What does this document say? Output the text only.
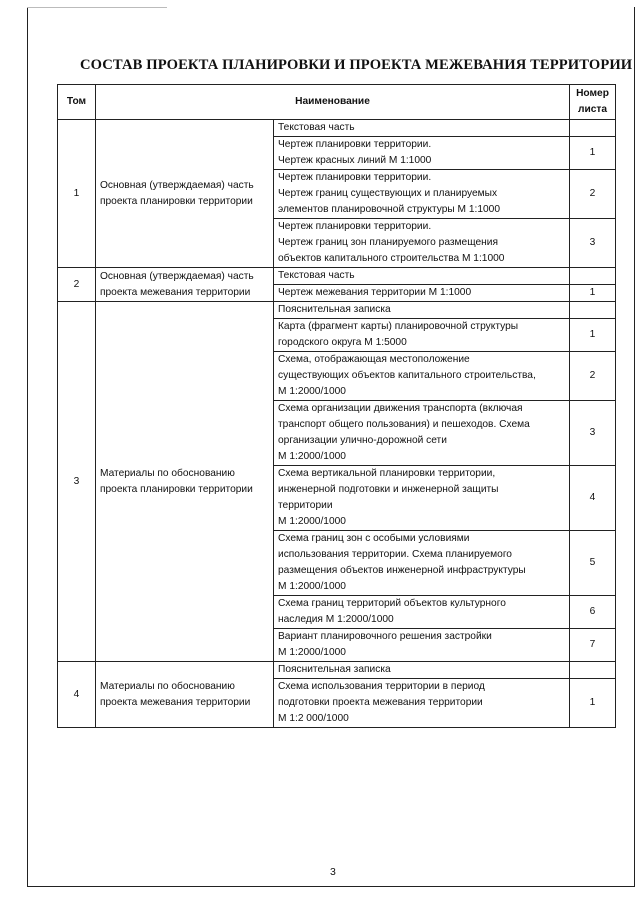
СОСТАВ ПРОЕКТА ПЛАНИРОВКИ И ПРОЕКТА МЕЖЕВАНИЯ ТЕРРИТОРИИ
Том	Наименование		Номер
листа

1	Основная (утверждаемая) часть проекта планировки территории	Текстовая часть	

		Чертеж планировки территории.
Чертеж красных линий М 1:1000	1

		Чертеж планировки территории.
Чертеж границ существующих и планируемых
элементов планировочной структуры М 1:1000	2

		Чертеж планировки территории.
Чертеж границ зон планируемого размещения
объектов капитального строительства М 1:1000	3
2	Основная (утверждаемая) часть проекта межевания территории	Текстовая часть	

		Чертеж межевания территории М 1:1000	1
3	Материалы по обоснованию проекта планировки территории	Пояснительная записка	

		Карта (фрагмент карты) планировочной структуры
городского округа М 1:5000	1

		Схема, отображающая местоположение
существующих объектов капитального строительства,
М 1:2000/1000	2

		Схема организации движения транспорта (включая
транспорт общего пользования) и пешеходов. Схема
организации улично-дорожной сети
М 1:2000/1000	3

		Схема вертикальной планировки территории,
инженерной подготовки и инженерной защиты
территории
М 1:2000/1000	4

		Схема границ зон с особыми условиями
использования территории. Схема планируемого
размещения объектов инженерной инфраструктуры
М 1:2000/1000	5

		Схема границ территорий объектов культурного
наследия М 1:2000/1000	6

		Вариант планировочного решения застройки
М 1:2000/1000	7
4	Материалы по обоснованию проекта межевания территории	Пояснительная записка	

		Схема использования территории в период
подготовки проекта межевания территории
М 1:2 000/1000	1
3
